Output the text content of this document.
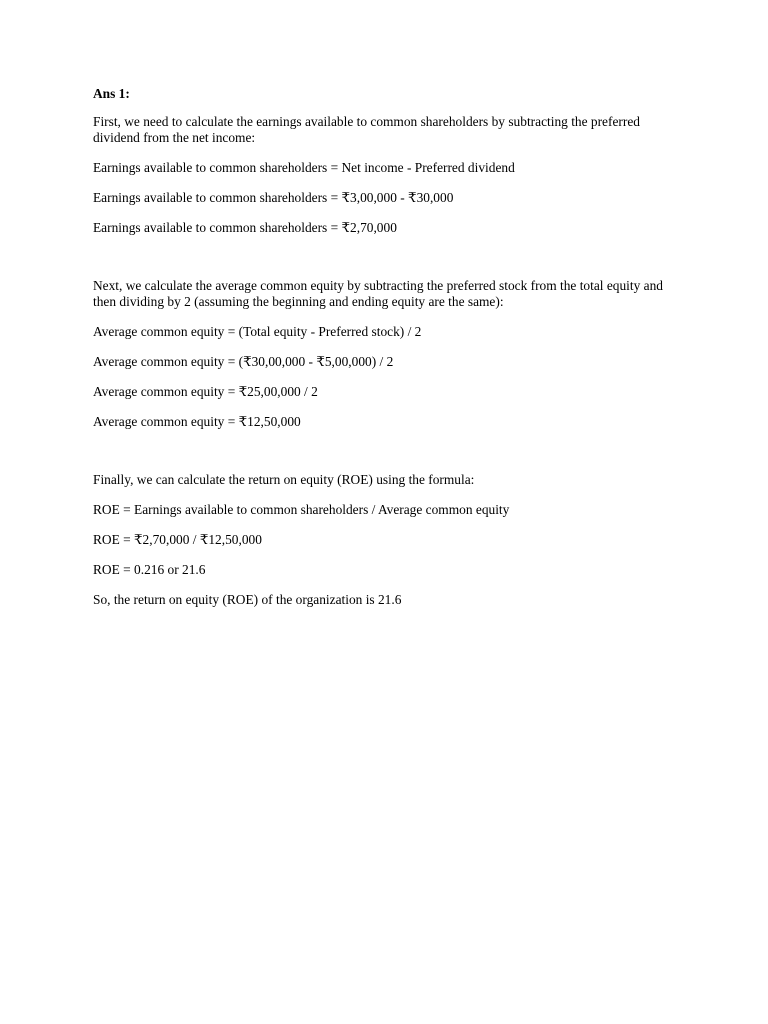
Ans 1:
First, we need to calculate the earnings available to common shareholders by subtracting the preferred dividend from the net income:
Earnings available to common shareholders = Net income - Preferred dividend
Earnings available to common shareholders = ₹3,00,000 - ₹30,000
Earnings available to common shareholders = ₹2,70,000
Next, we calculate the average common equity by subtracting the preferred stock from the total equity and then dividing by 2 (assuming the beginning and ending equity are the same):
Average common equity = (Total equity - Preferred stock) / 2
Average common equity = (₹30,00,000 - ₹5,00,000) / 2
Average common equity = ₹25,00,000 / 2
Average common equity = ₹12,50,000
Finally, we can calculate the return on equity (ROE) using the formula:
ROE = Earnings available to common shareholders / Average common equity
ROE = ₹2,70,000 / ₹12,50,000
ROE = 0.216 or 21.6
So, the return on equity (ROE) of the organization is 21.6
